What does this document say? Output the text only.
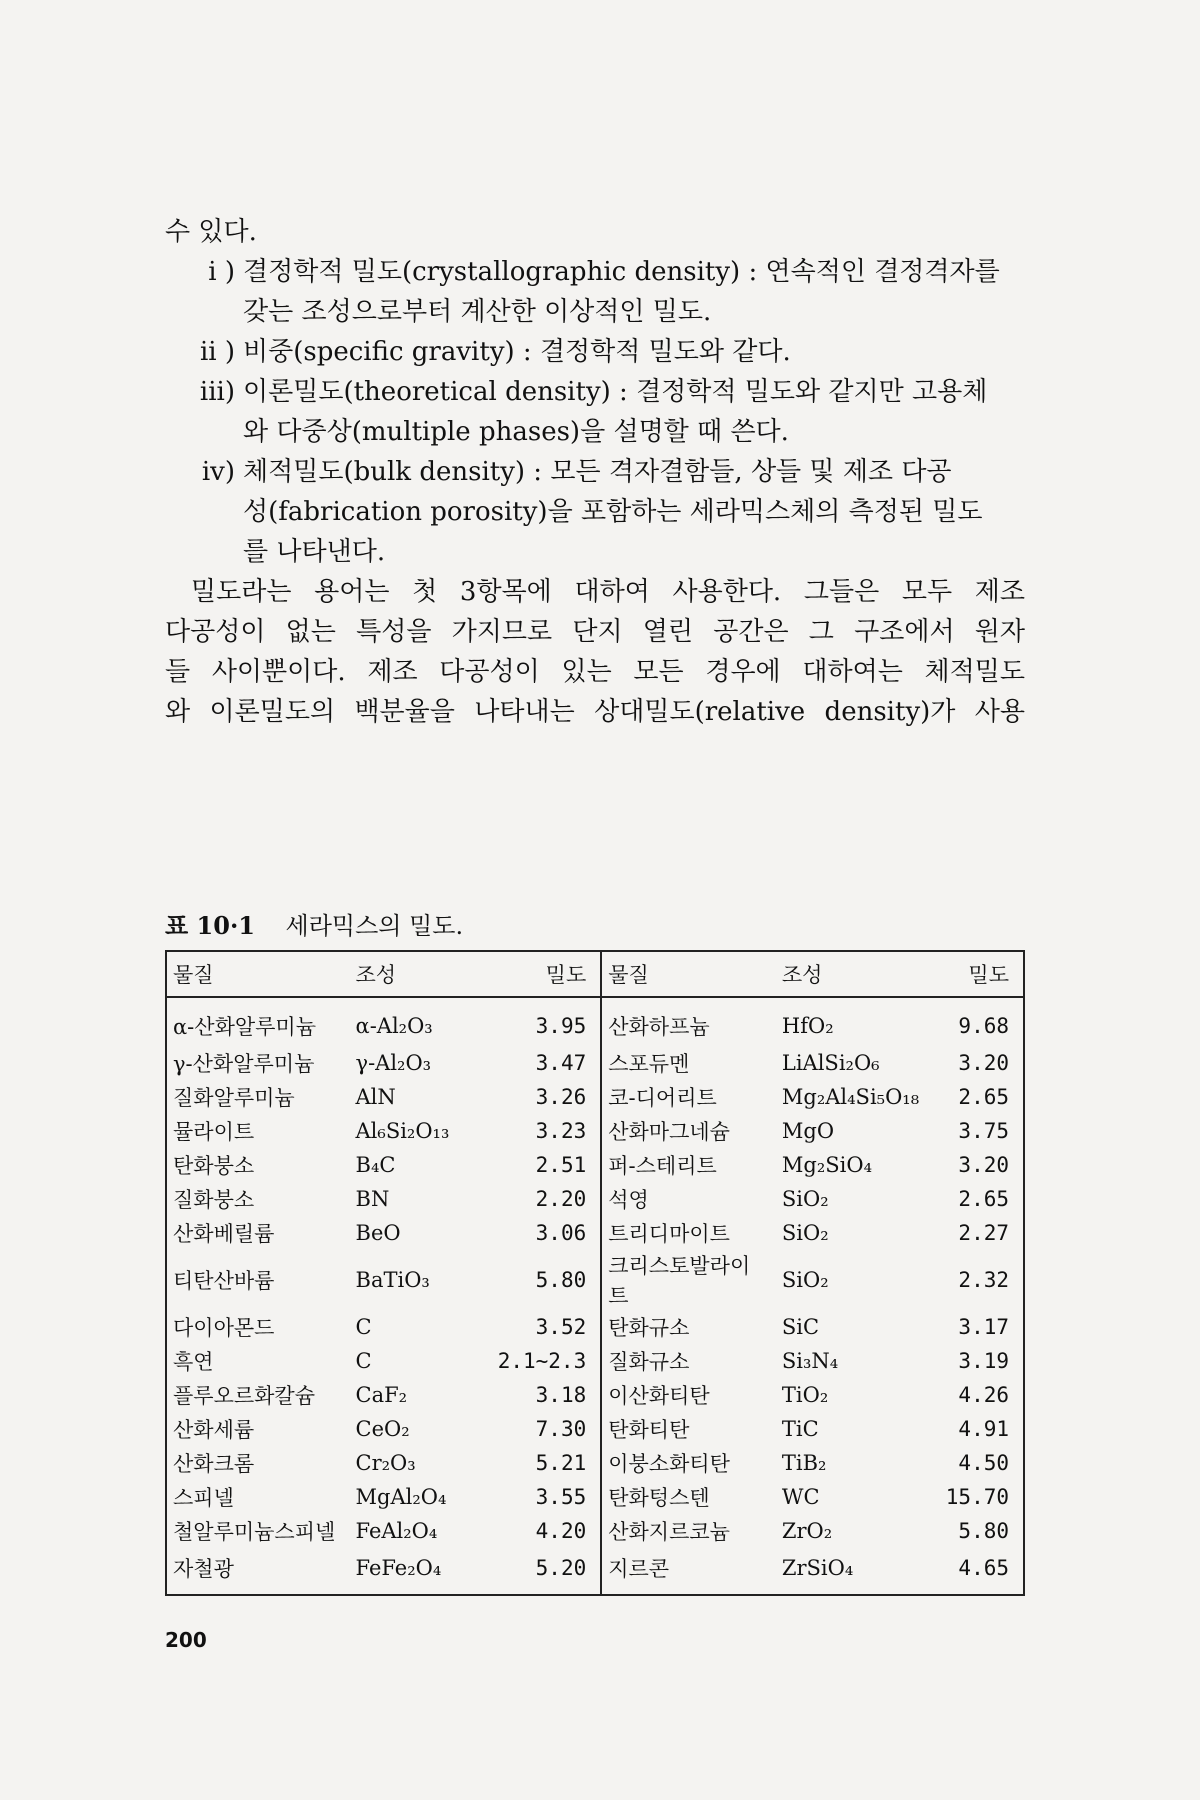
수 있다.
i ) 결정학적 밀도(crystallographic density) : 연속적인 결정격자를
갖는 조성으로부터 계산한 이상적인 밀도.
ii ) 비중(specific gravity) : 결정학적 밀도와 같다.
iii) 이론밀도(theoretical density) : 결정학적 밀도와 같지만 고용체
와 다중상(multiple phases)을 설명할 때 쓴다.
iv) 체적밀도(bulk density) : 모든 격자결함들, 상들 및 제조 다공
성(fabrication porosity)을 포함하는 세라믹스체의 측정된 밀도
를 나타낸다.
밀도라는 용어는 첫 3항목에 대하여 사용한다. 그들은 모두 제조
다공성이 없는 특성을 가지므로 단지 열린 공간은 그 구조에서 원자
들 사이뿐이다. 제조 다공성이 있는 모든 경우에 대하여는 체적밀도
와 이론밀도의 백분율을 나타내는 상대밀도(relative density)가 사용
표 10·1 세라믹스의 밀도.
물질	조성	밀도	물질	조성	밀도
α-산화알루미늄	α-Al₂O₃	3.95	산화하프늄	HfO₂	9.68
γ-산화알루미늄	γ-Al₂O₃	3.47	스포듀멘	LiAlSi₂O₆	3.20
질화알루미늄	AlN	3.26	코-디어리트	Mg₂Al₄Si₅O₁₈	2.65
뮬라이트	Al₆Si₂O₁₃	3.23	산화마그네슘	MgO	3.75
탄화붕소	B₄C	2.51	퍼-스테리트	Mg₂SiO₄	3.20
질화붕소	BN	2.20	석영	SiO₂	2.65
산화베릴륨	BeO	3.06	트리디마이트	SiO₂	2.27
티탄산바륨	BaTiO₃	5.80	크리스토발라이트	SiO₂	2.32
다이아몬드	C	3.52	탄화규소	SiC	3.17
흑연	C	2.1~2.3	질화규소	Si₃N₄	3.19
플루오르화칼슘	CaF₂	3.18	이산화티탄	TiO₂	4.26
산화세륨	CeO₂	7.30	탄화티탄	TiC	4.91
산화크롬	Cr₂O₃	5.21	이붕소화티탄	TiB₂	4.50
스피넬	MgAl₂O₄	3.55	탄화텅스텐	WC	15.70
철알루미늄스피넬	FeAl₂O₄	4.20	산화지르코늄	ZrO₂	5.80
자철광	FeFe₂O₄	5.20	지르콘	ZrSiO₄	4.65
200
